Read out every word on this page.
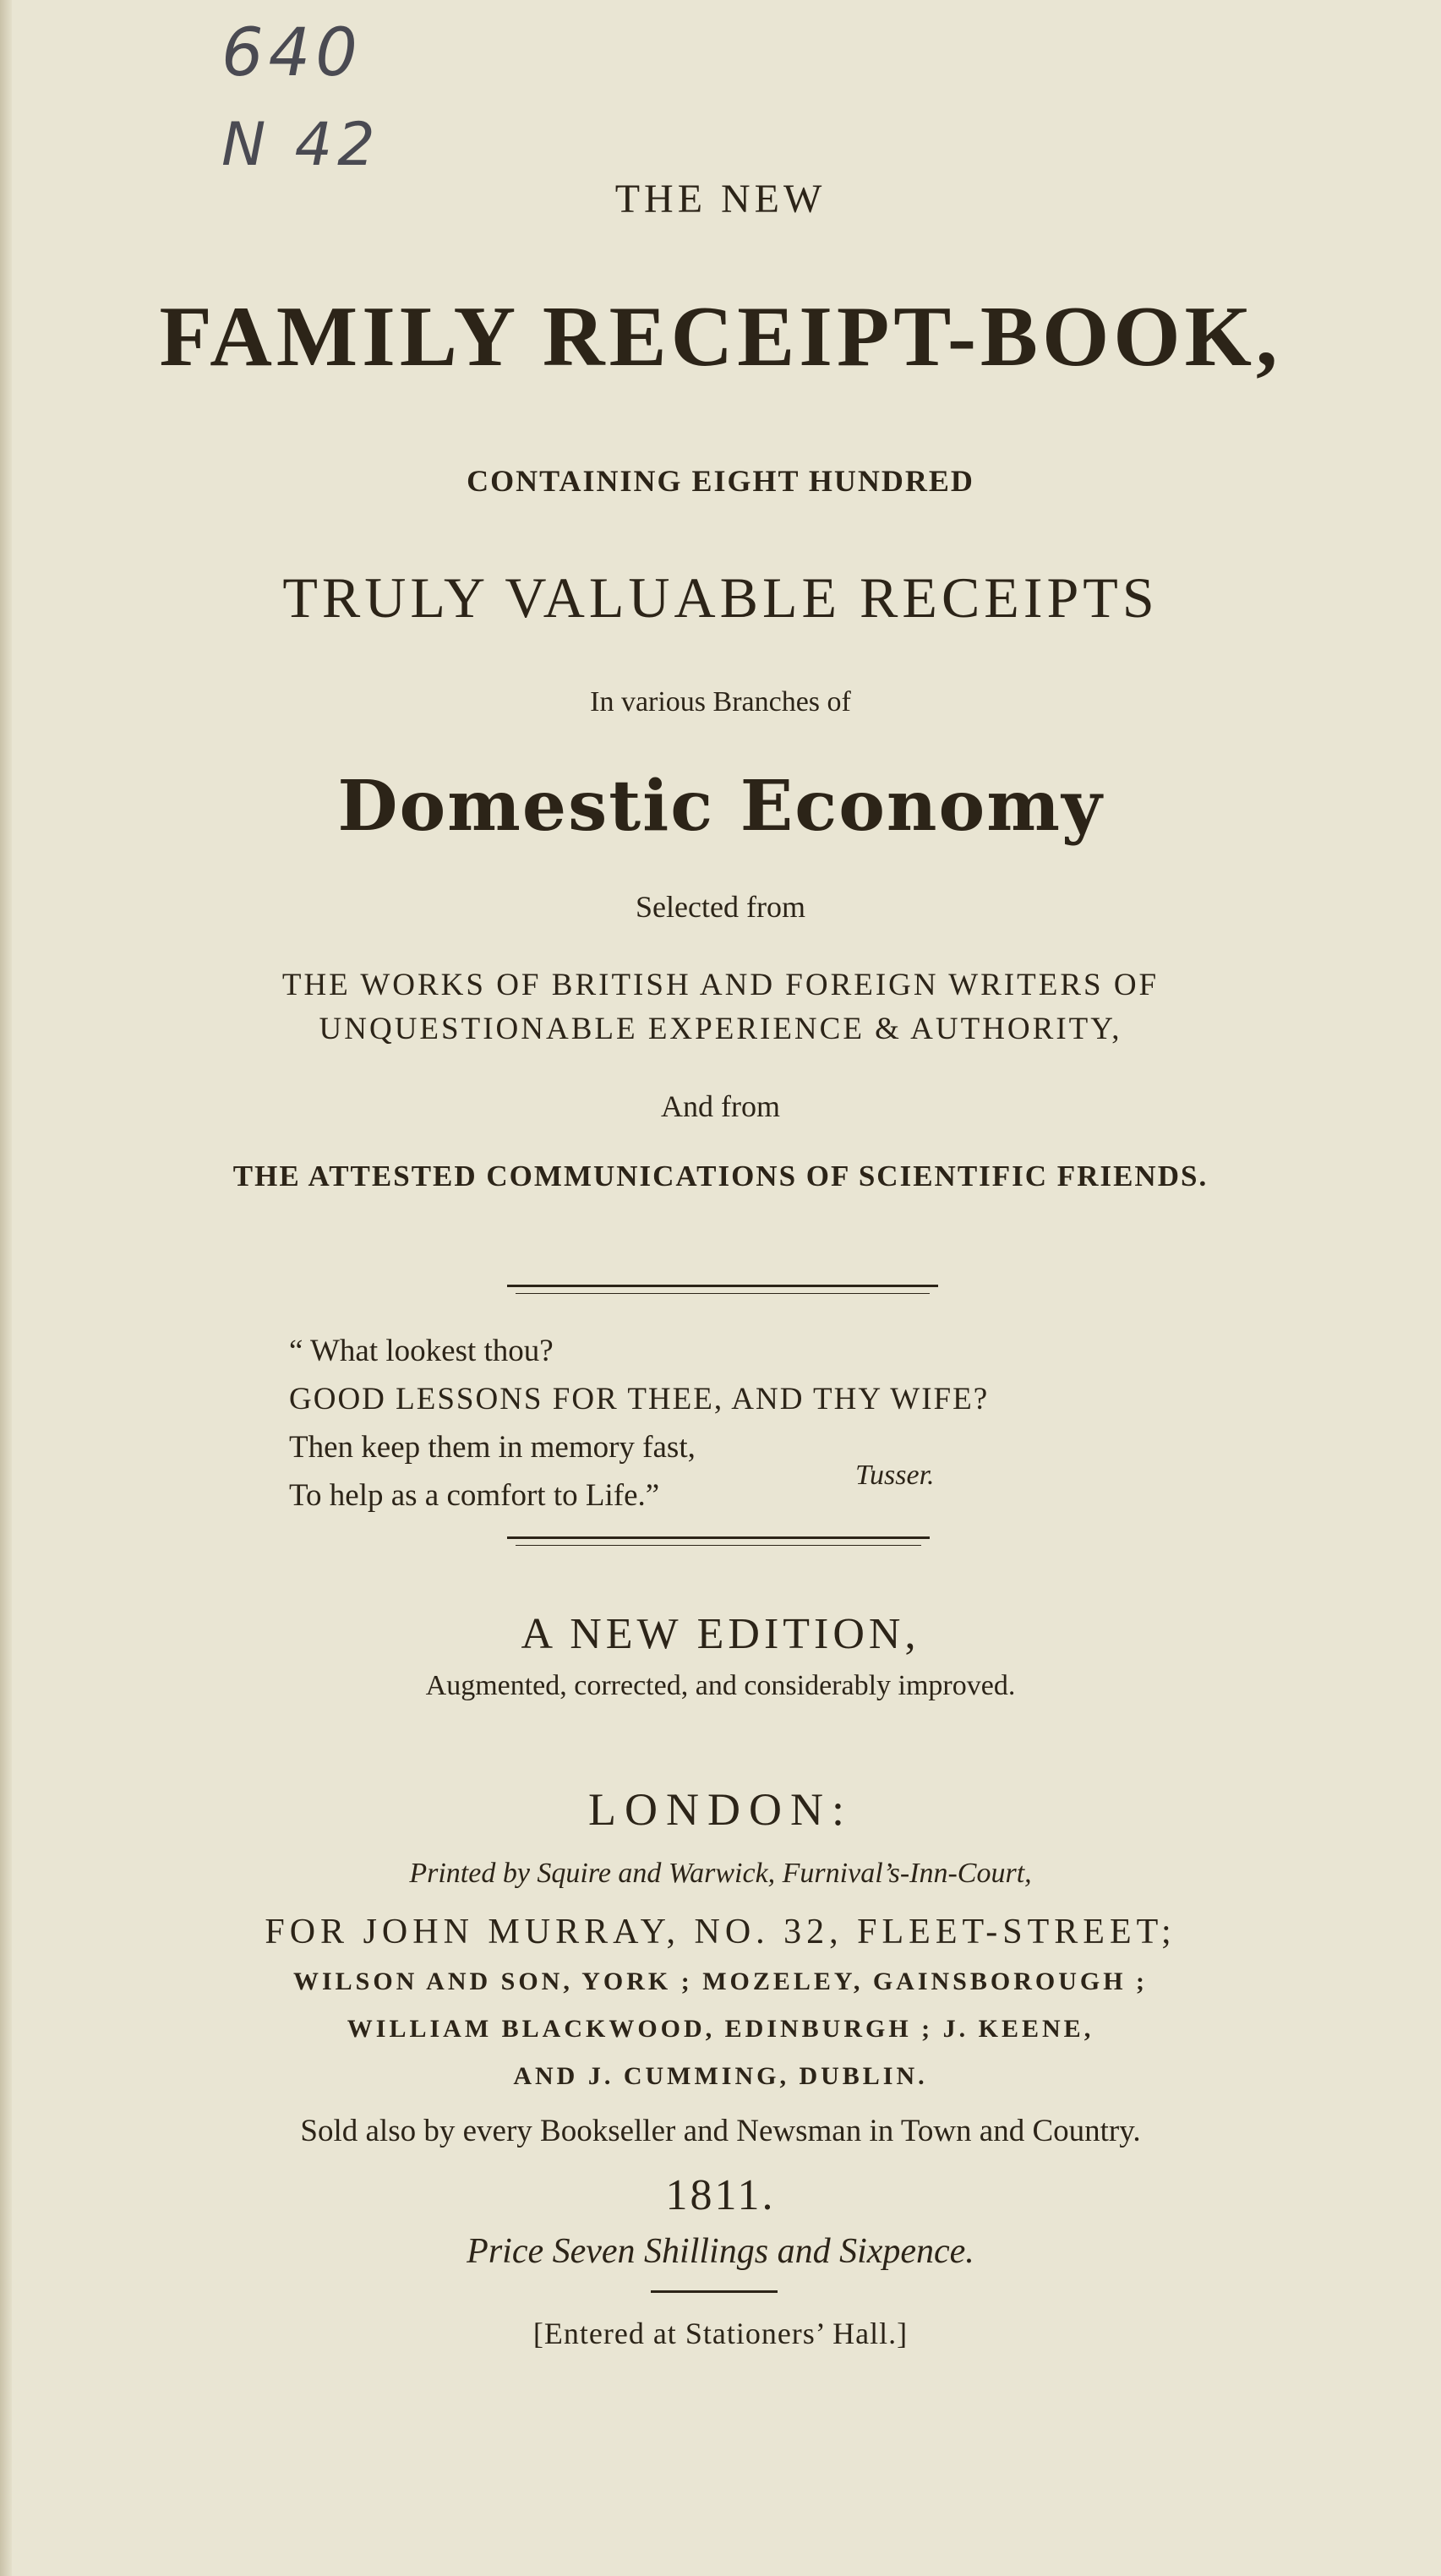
640
N 42
THE NEW
FAMILY RECEIPT-BOOK,
CONTAINING EIGHT HUNDRED
TRULY VALUABLE RECEIPTS
In various Branches of
Domestic Economy
Selected from
THE WORKS OF BRITISH AND FOREIGN WRITERS OF
UNQUESTIONABLE EXPERIENCE & AUTHORITY,
And from
THE ATTESTED COMMUNICATIONS OF SCIENTIFIC FRIENDS.
“ What lookest thou?
GOOD LESSONS FOR THEE, AND THY WIFE?
Then keep them in memory fast,
To help as a comfort to Life.”
Tusser.
A NEW EDITION,
Augmented, corrected, and considerably improved.
LONDON:
Printed by Squire and Warwick, Furnival’s-Inn-Court,
FOR JOHN MURRAY, NO. 32, FLEET-STREET;
WILSON AND SON, YORK ; MOZELEY, GAINSBOROUGH ;
WILLIAM BLACKWOOD, EDINBURGH ; J. KEENE,
AND J. CUMMING, DUBLIN.
Sold also by every Bookseller and Newsman in Town and Country.
1811.
Price Seven Shillings and Sixpence.
[Entered at Stationers’ Hall.]
